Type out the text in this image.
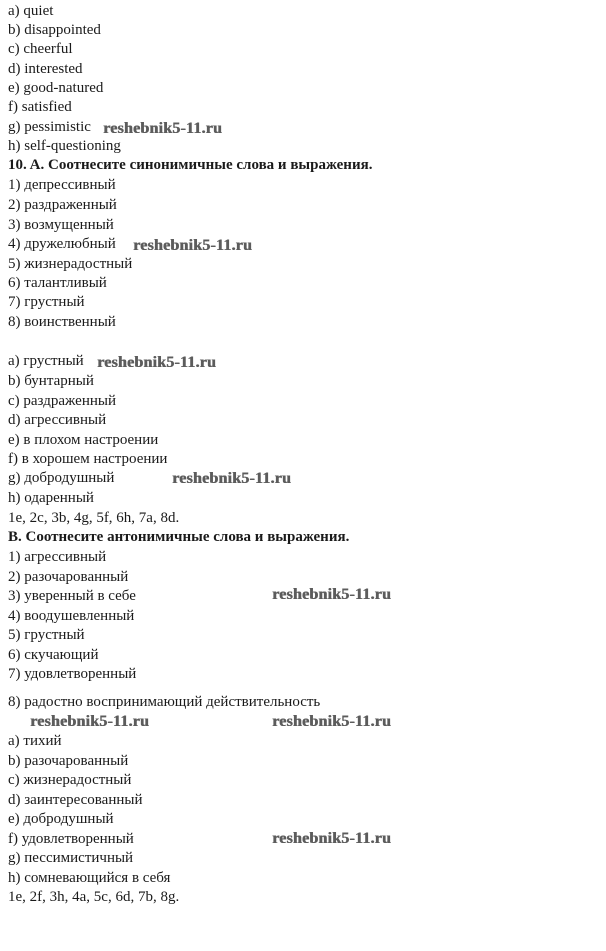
a) quiet
b) disappointed
c) cheerful
d) interested
e) good-natured
f) satisfied
g) pessimistic
h) self-questioning
10. A. Соотнесите синонимичные слова и выражения.
1) депрессивный
2) раздраженный
3) возмущенный
4) дружелюбный
5) жизнерадостный
6) талантливый
7) грустный
8) воинственный
a) грустный
b) бунтарный
c) раздраженный
d) агрессивный
e) в плохом настроении
f) в хорошем настроении
g) добродушный
h) одаренный
1e, 2c, 3b, 4g, 5f, 6h, 7a, 8d.
B. Соотнесите антонимичные слова и выражения.
1) агрессивный
2) разочарованный
3) уверенный в себе
4) воодушевленный
5) грустный
6) скучающий
7) удовлетворенный
8) радостно воспринимающий действительность
a) тихий
b) разочарованный
c) жизнерадостный
d) заинтересованный
e) добродушный
f) удовлетворенный
g) пессимистичный
h) сомневающийся в себя
1e, 2f, 3h, 4a, 5c, 6d, 7b, 8g.
reshebnik5-11.ru
reshebnik5-11.ru
reshebnik5-11.ru
reshebnik5-11.ru
reshebnik5-11.ru
reshebnik5-11.ru	reshebnik5-11.ru
reshebnik5-11.ru
